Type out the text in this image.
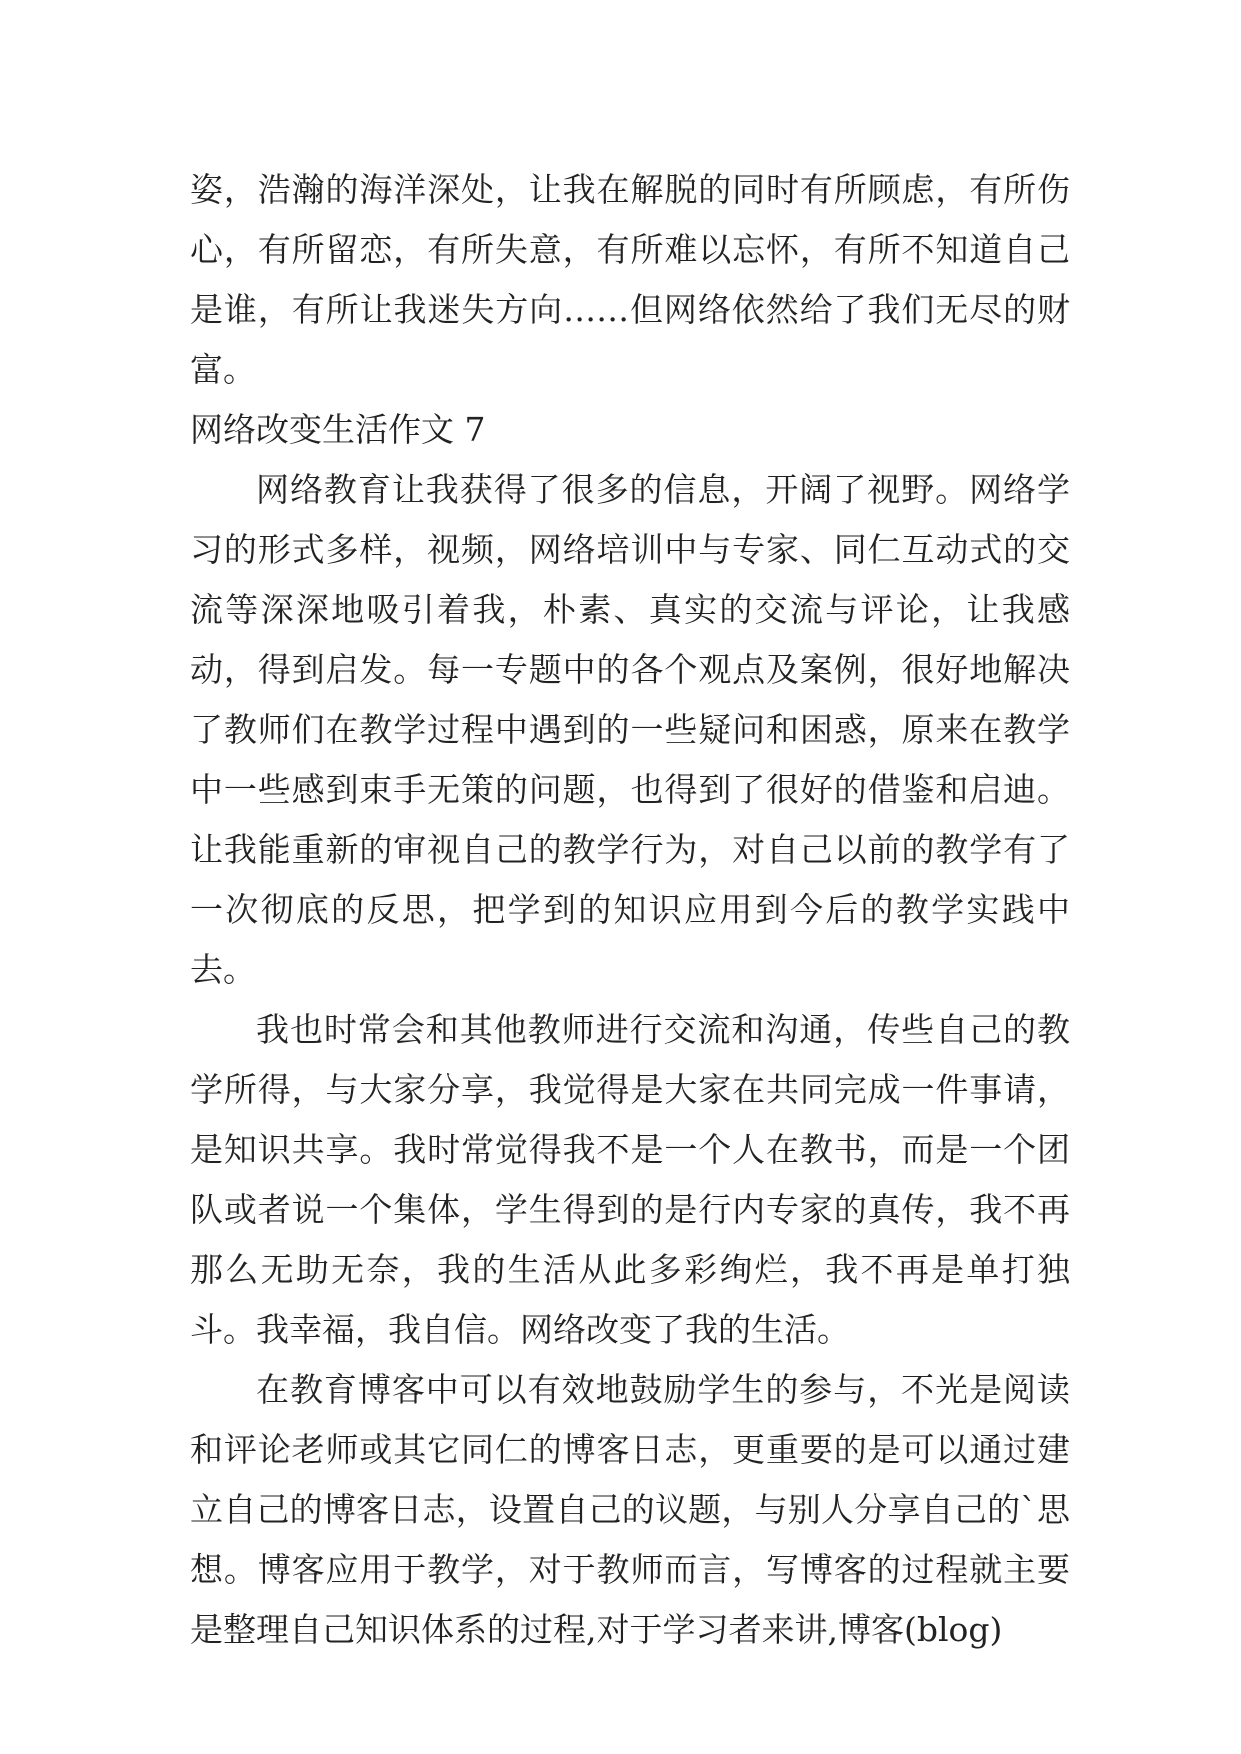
姿，浩瀚的海洋深处，让我在解脱的同时有所顾虑，有所伤心，有所留恋，有所失意，有所难以忘怀，有所不知道自己是谁，有所让我迷失方向……但网络依然给了我们无尽的财富。

网络改变生活作文 7

网络教育让我获得了很多的信息，开阔了视野。网络学习的形式多样，视频，网络培训中与专家、同仁互动式的交流等深深地吸引着我，朴素、真实的交流与评论，让我感动，得到启发。每一专题中的各个观点及案例，很好地解决了教师们在教学过程中遇到的一些疑问和困惑，原来在教学中一些感到束手无策的问题，也得到了很好的借鉴和启迪。让我能重新的审视自己的教学行为，对自己以前的教学有了一次彻底的反思，把学到的知识应用到今后的教学实践中去。

我也时常会和其他教师进行交流和沟通，传些自己的教学所得，与大家分享，我觉得是大家在共同完成一件事请，是知识共享。我时常觉得我不是一个人在教书，而是一个团队或者说一个集体，学生得到的是行内专家的真传，我不再那么无助无奈，我的生活从此多彩绚烂，我不再是单打独斗。我幸福，我自信。网络改变了我的生活。

在教育博客中可以有效地鼓励学生的参与，不光是阅读和评论老师或其它同仁的博客日志，更重要的是可以通过建立自己的博客日志，设置自己的议题，与别人分享自己的`思想。博客应用于教学，对于教师而言，写博客的过程就主要是整理自己知识体系的过程,对于学习者来讲,博客(blog)
